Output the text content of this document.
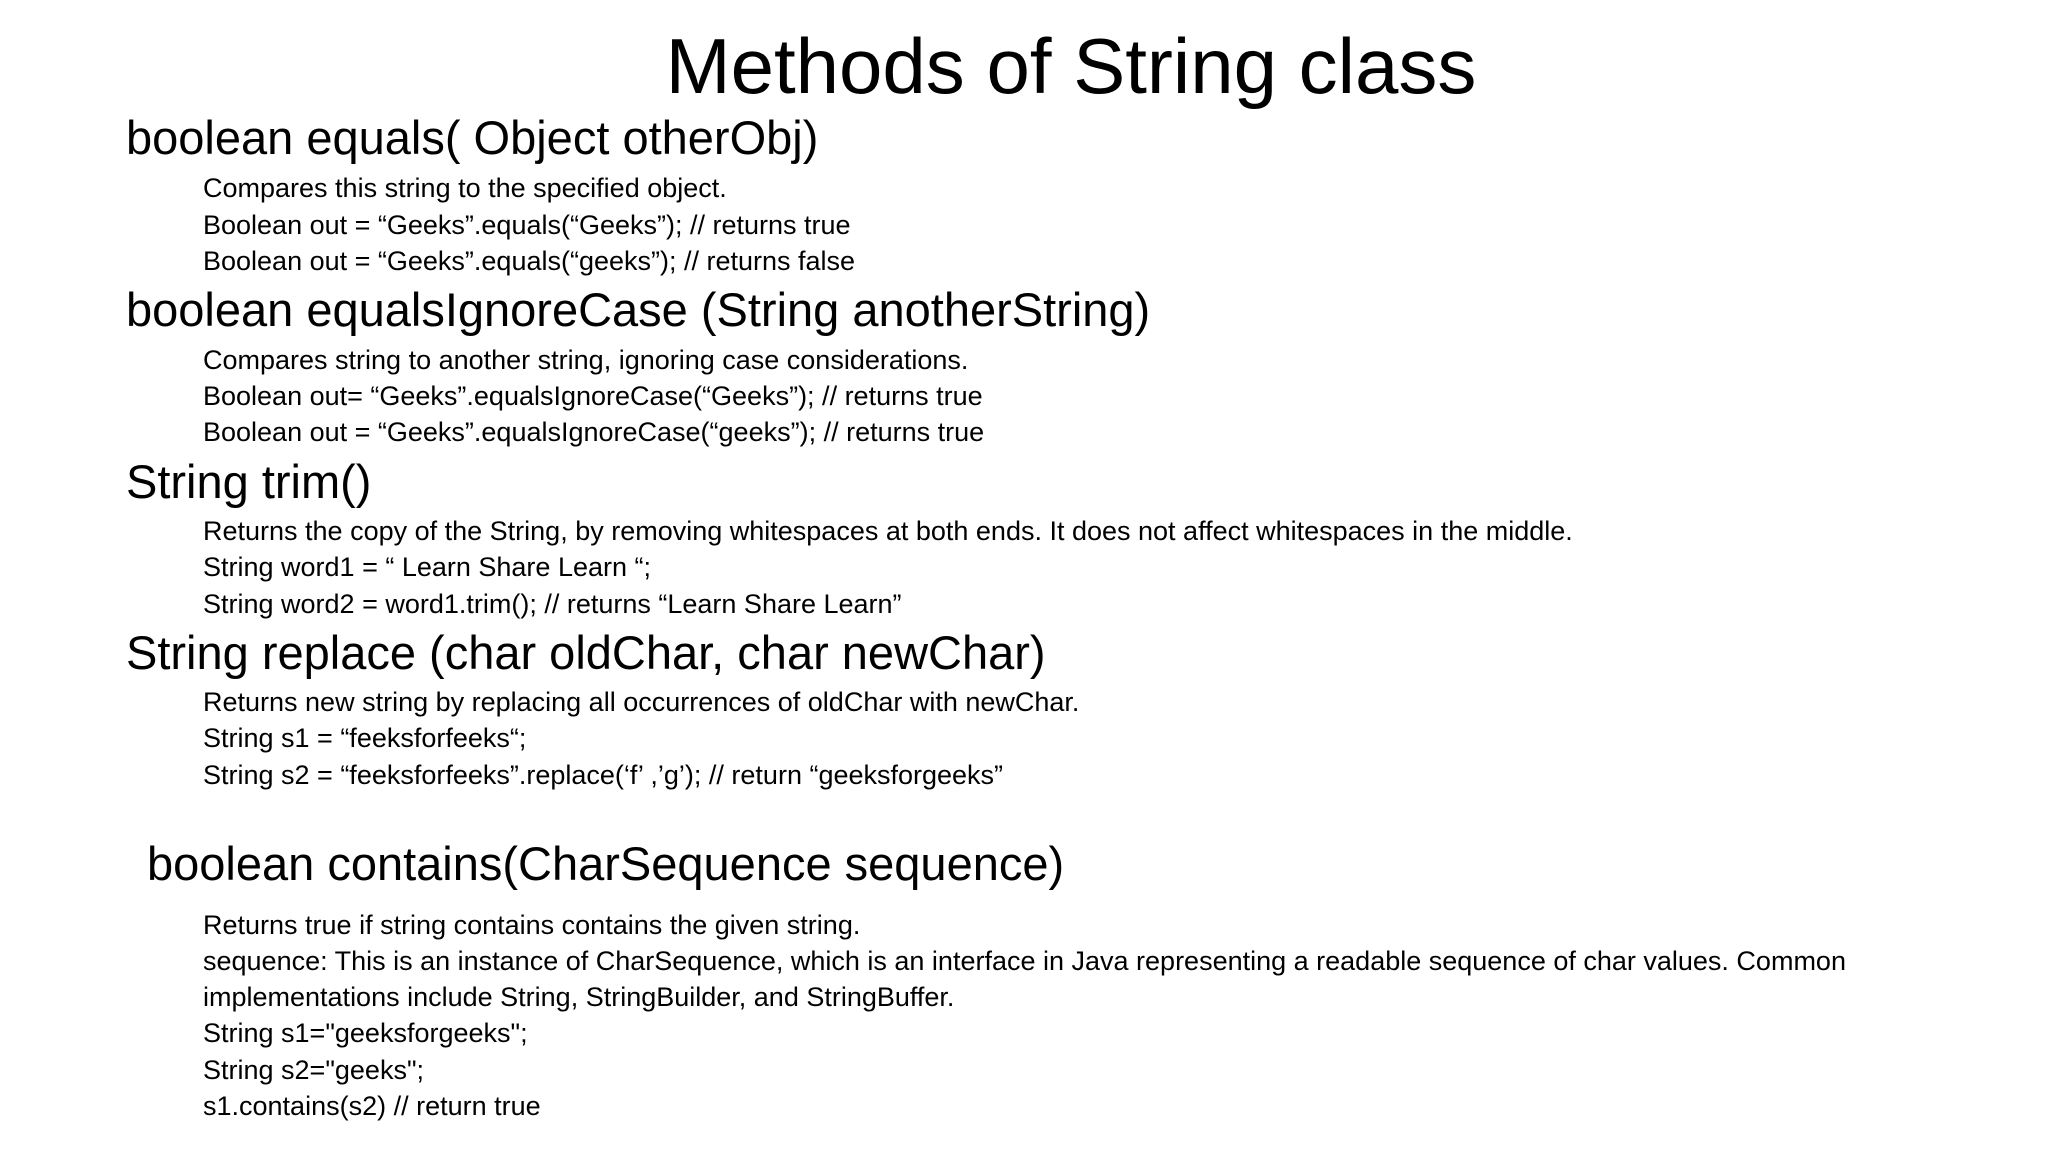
Methods of String class
boolean equals( Object otherObj)
Compares this string to the specified object.
Boolean out = “Geeks”.equals(“Geeks”); // returns true
Boolean out = “Geeks”.equals(“geeks”); // returns false
boolean equalsIgnoreCase (String anotherString)
Compares string to another string, ignoring case considerations.
Boolean out= “Geeks”.equalsIgnoreCase(“Geeks”); // returns true
Boolean out = “Geeks”.equalsIgnoreCase(“geeks”); // returns true
String trim()
Returns the copy of the String, by removing whitespaces at both ends. It does not affect whitespaces in the middle.
String word1 = “ Learn Share Learn “;
String word2 = word1.trim(); // returns “Learn Share Learn”
String replace (char oldChar, char newChar)
Returns new string by replacing all occurrences of oldChar with newChar.
String s1 = “feeksforfeeks“;
String s2 = “feeksforfeeks”.replace(‘f’ ,’g’); // return “geeksforgeeks”
boolean contains(CharSequence sequence)
Returns true if string contains contains the given string.
sequence: This is an instance of CharSequence, which is an interface in Java representing a readable sequence of char values. Common
implementations include String, StringBuilder, and StringBuffer.
String s1="geeksforgeeks";
String s2="geeks";
s1.contains(s2) // return true
